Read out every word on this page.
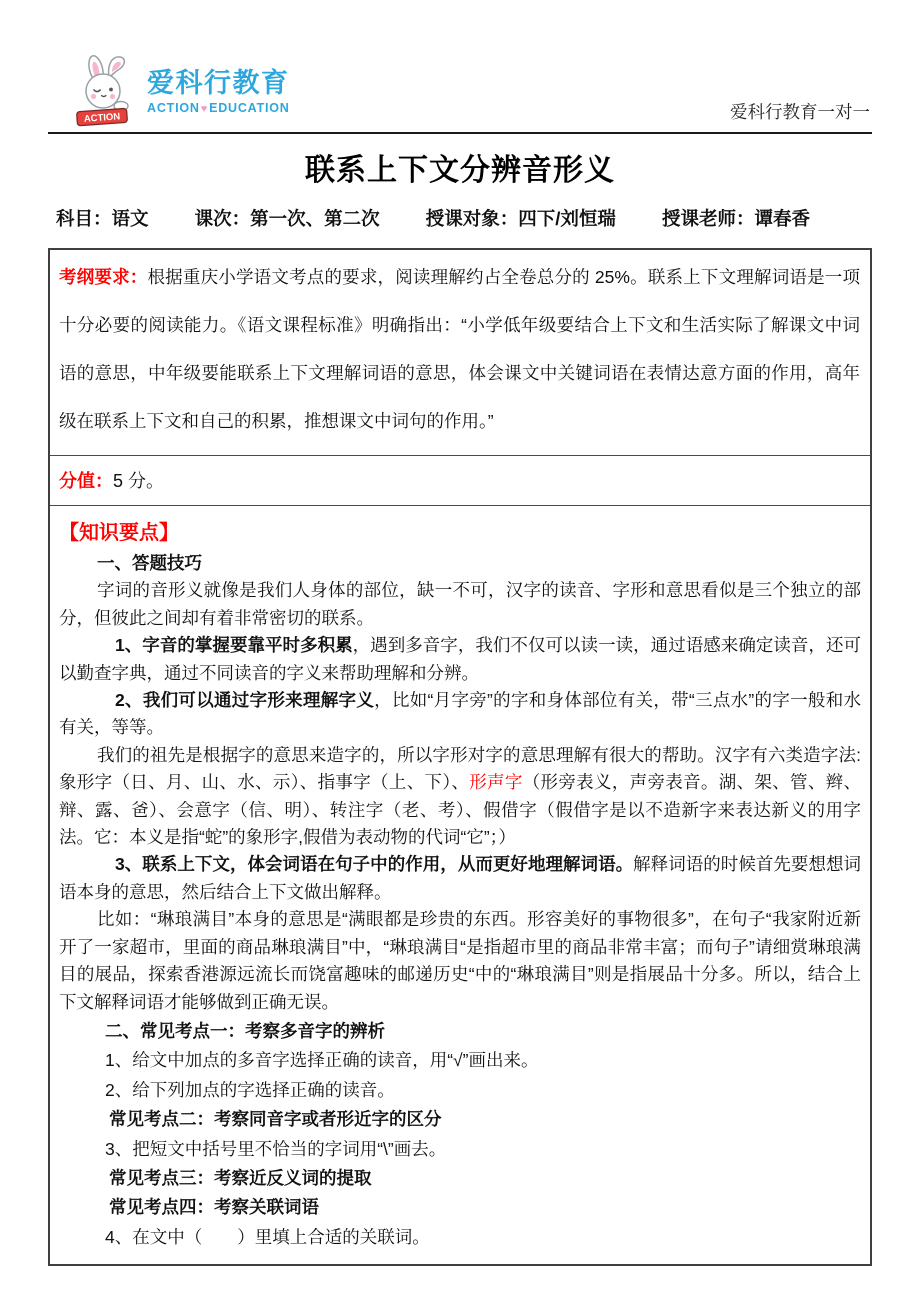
ACTION
爱科行教育
ACTION♥EDUCATION	爱科行教育一对一
联系上下文分辨音形义
科目：语文 课次：第一次、第二次 授课对象：四下/刘恒瑞 授课老师：谭春香
考纲要求：根据重庆小学语文考点的要求，阅读理解约占全卷总分的 25%。联系上下文理解词语是一项十分必要的阅读能力。《语文课程标准》明确指出：“小学低年级要结合上下文和生活实际了解课文中词语的意思，中年级要能联系上下文理解词语的意思，体会课文中关键词语在表情达意方面的作用，高年级在联系上下文和自己的积累，推想课文中词句的作用。”
分值：5 分。
【知识要点】
一、答题技巧
字词的音形义就像是我们人身体的部位，缺一不可，汉字的读音、字形和意思看似是三个独立的部分，但彼此之间却有着非常密切的联系。
1、字音的掌握要靠平时多积累，遇到多音字，我们不仅可以读一读，通过语感来确定读音，还可以勤查字典，通过不同读音的字义来帮助理解和分辨。
2、我们可以通过字形来理解字义，比如“月字旁”的字和身体部位有关，带“三点水”的字一般和水有关，等等。
我们的祖先是根据字的意思来造字的，所以字形对字的意思理解有很大的帮助。汉字有六类造字法:象形字（日、月、山、水、示）、指事字（上、下）、形声字（形旁表义，声旁表音。湖、架、管、辫、辩、露、爸）、会意字（信、明）、转注字（老、考）、假借字（假借字是以不造新字来表达新义的用字法。它：本义是指“蛇”的象形字,假借为表动物的代词“它”；）
3、联系上下文，体会词语在句子中的作用，从而更好地理解词语。解释词语的时候首先要想想词语本身的意思，然后结合上下文做出解释。
比如：“琳琅满目”本身的意思是“满眼都是珍贵的东西。形容美好的事物很多”，在句子“我家附近新开了一家超市，里面的商品琳琅满目”中，“琳琅满目“是指超市里的商品非常丰富；而句子”请细赏琳琅满目的展品，探索香港源远流长而饶富趣味的邮递历史“中的“琳琅满目”则是指展品十分多。所以，结合上下文解释词语才能够做到正确无误。
二、常见考点一：考察多音字的辨析
1、给文中加点的多音字选择正确的读音，用“√”画出来。
2、给下列加点的字选择正确的读音。
常见考点二：考察同音字或者形近字的区分
3、把短文中括号里不恰当的字词用“\”画去。
常见考点三：考察近反义词的提取
常见考点四：考察关联词语
4、在文中（　　）里填上合适的关联词。
